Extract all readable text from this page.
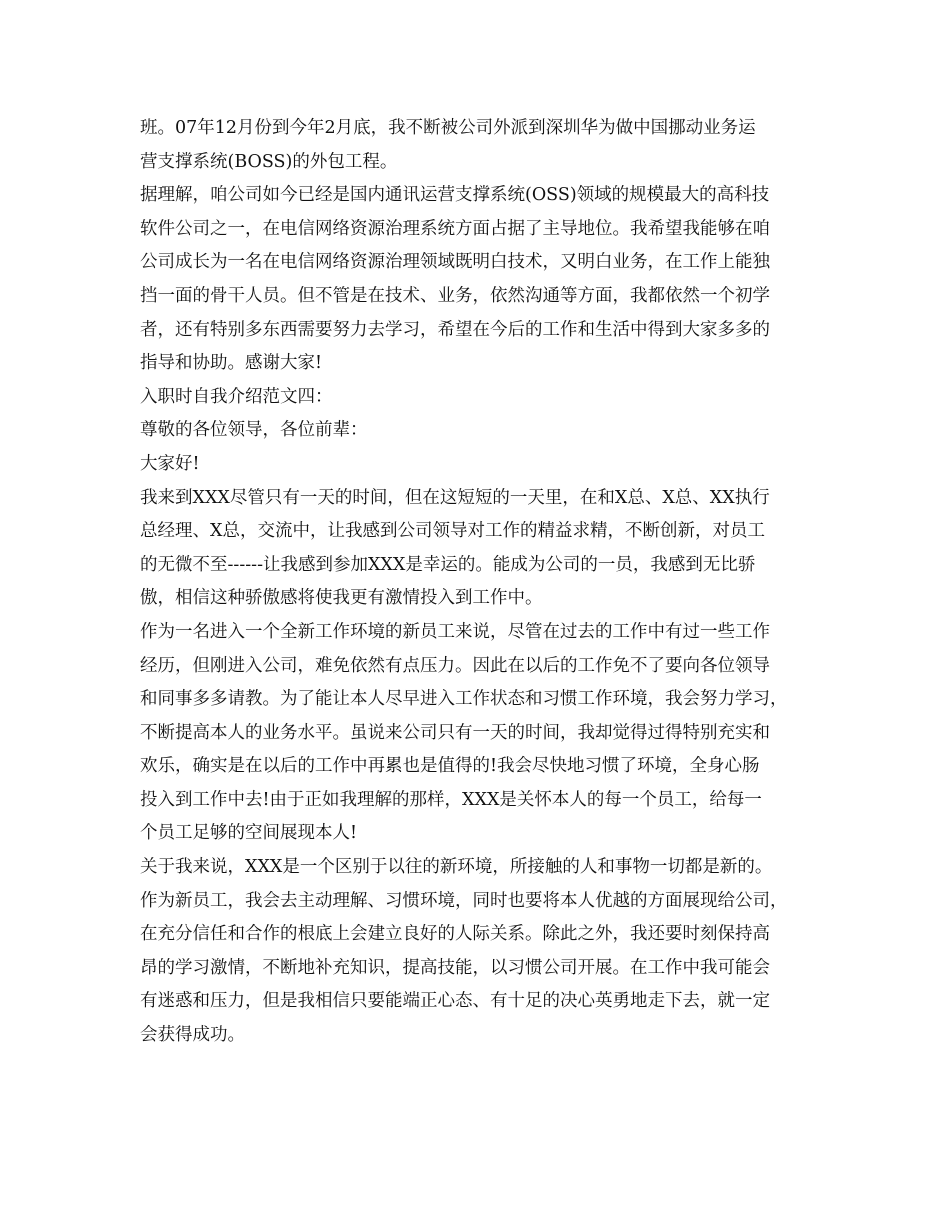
班。07年12月份到今年2月底，我不断被公司外派到深圳华为做中国挪动业务运
营支撑系统(BOSS)的外包工程。
据理解，咱公司如今已经是国内通讯运营支撑系统(OSS)领域的规模最大的高科技
软件公司之一，在电信网络资源治理系统方面占据了主导地位。我希望我能够在咱
公司成长为一名在电信网络资源治理领域既明白技术，又明白业务，在工作上能独
挡一面的骨干人员。但不管是在技术、业务，依然沟通等方面，我都依然一个初学
者，还有特别多东西需要努力去学习，希望在今后的工作和生活中得到大家多多的
指导和协助。感谢大家!
入职时自我介绍范文四：
尊敬的各位领导，各位前辈：
大家好!
我来到XXX尽管只有一天的时间，但在这短短的一天里，在和X总、X总、XX执行
总经理、X总，交流中，让我感到公司领导对工作的精益求精，不断创新，对员工
的无微不至------让我感到参加XXX是幸运的。能成为公司的一员，我感到无比骄
傲，相信这种骄傲感将使我更有激情投入到工作中。
作为一名进入一个全新工作环境的新员工来说，尽管在过去的工作中有过一些工作
经历，但刚进入公司，难免依然有点压力。因此在以后的工作免不了要向各位领导
和同事多多请教。为了能让本人尽早进入工作状态和习惯工作环境，我会努力学习，
不断提高本人的业务水平。虽说来公司只有一天的时间，我却觉得过得特别充实和
欢乐，确实是在以后的工作中再累也是值得的!我会尽快地习惯了环境，全身心肠
投入到工作中去!由于正如我理解的那样，XXX是关怀本人的每一个员工，给每一
个员工足够的空间展现本人!
关于我来说，XXX是一个区别于以往的新环境，所接触的人和事物一切都是新的。
作为新员工，我会去主动理解、习惯环境，同时也要将本人优越的方面展现给公司，
在充分信任和合作的根底上会建立良好的人际关系。除此之外，我还要时刻保持高
昂的学习激情，不断地补充知识，提高技能，以习惯公司开展。在工作中我可能会
有迷惑和压力，但是我相信只要能端正心态、有十足的决心英勇地走下去，就一定
会获得成功。
